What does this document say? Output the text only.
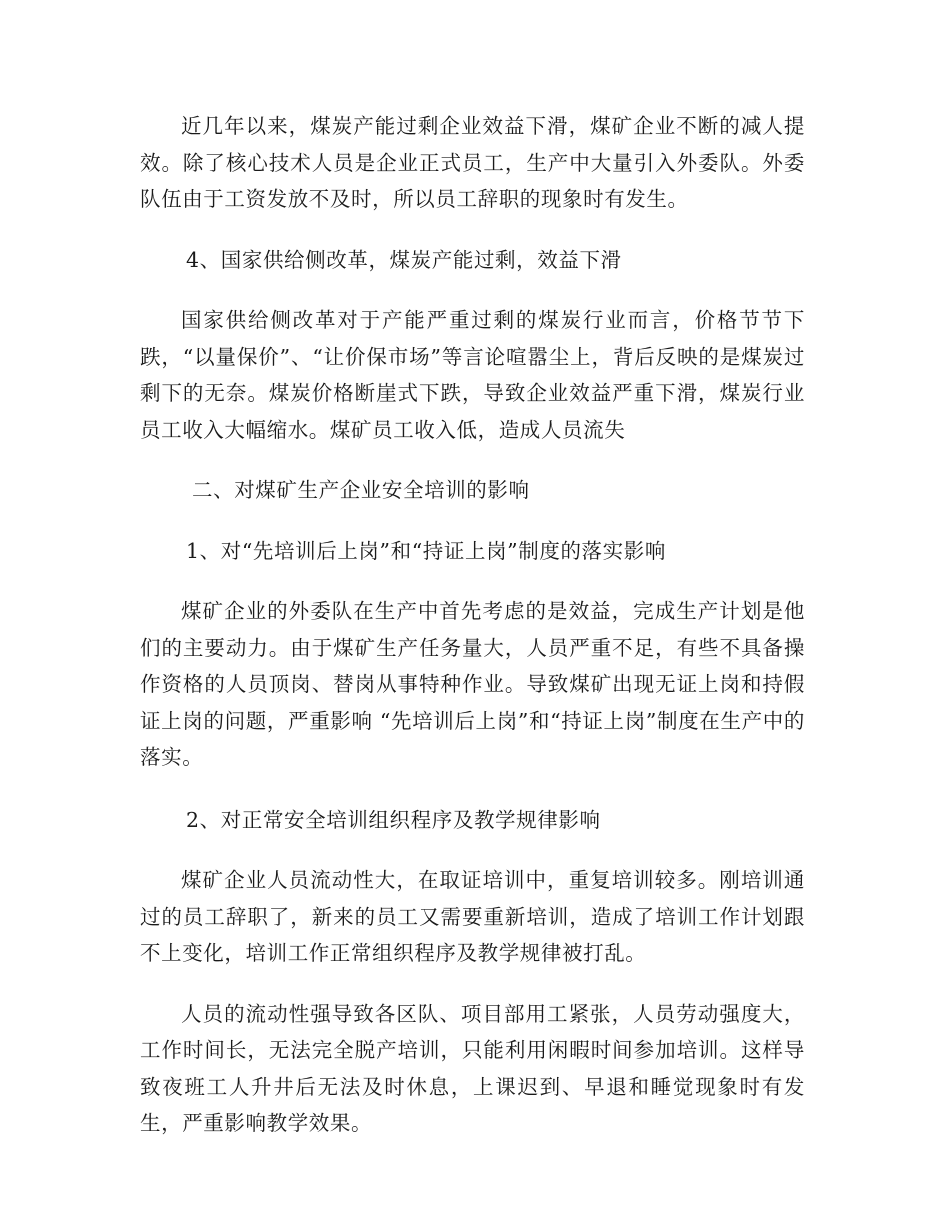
近几年以来，煤炭产能过剩企业效益下滑，煤矿企业不断的减人提效。除了核心技术人员是企业正式员工，生产中大量引入外委队。外委队伍由于工资发放不及时，所以员工辞职的现象时有发生。

4、国家供给侧改革，煤炭产能过剩，效益下滑

国家供给侧改革对于产能严重过剩的煤炭行业而言，价格节节下跌，“以量保价”、“让价保市场”等言论喧嚣尘上，背后反映的是煤炭过剩下的无奈。煤炭价格断崖式下跌，导致企业效益严重下滑，煤炭行业员工收入大幅缩水。煤矿员工收入低，造成人员流失

二、对煤矿生产企业安全培训的影响

1、对“先培训后上岗”和“持证上岗”制度的落实影响

煤矿企业的外委队在生产中首先考虑的是效益，完成生产计划是他们的主要动力。由于煤矿生产任务量大，人员严重不足，有些不具备操作资格的人员顶岗、替岗从事特种作业。导致煤矿出现无证上岗和持假证上岗的问题，严重影响 “先培训后上岗”和“持证上岗”制度在生产中的落实。

2、对正常安全培训组织程序及教学规律影响

煤矿企业人员流动性大，在取证培训中，重复培训较多。刚培训通过的员工辞职了，新来的员工又需要重新培训，造成了培训工作计划跟不上变化，培训工作正常组织程序及教学规律被打乱。

人员的流动性强导致各区队、项目部用工紧张，人员劳动强度大，工作时间长，无法完全脱产培训，只能利用闲暇时间参加培训。这样导致夜班工人升井后无法及时休息，上课迟到、早退和睡觉现象时有发生，严重影响教学效果。
